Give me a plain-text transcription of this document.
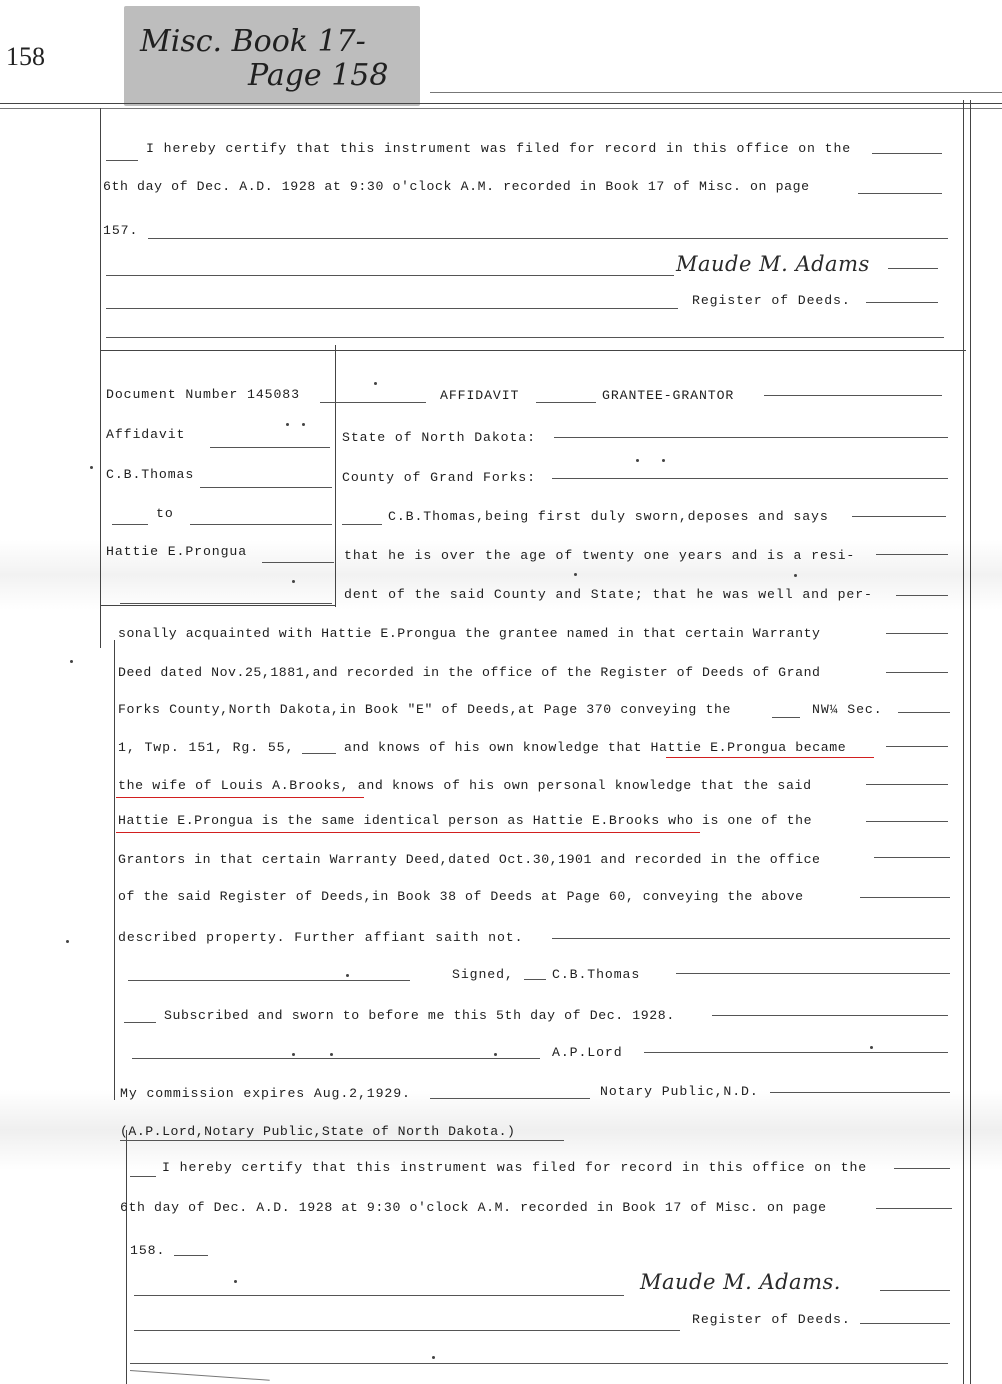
158	Misc. Book 17-
Page 158
I hereby certify that this instrument was filed for record in this office on the
6th day of Dec. A.D. 1928 at 9:30 o'clock A.M. recorded in Book 17 of Misc. on page
157.
Maude M. Adams
Register of Deeds.
Document Number 145083
Affidavit
C.B.Thomas
to
Hattie E.Prongua
AFFIDAVIT	GRANTEE-GRANTOR
State of North Dakota:
County of Grand Forks:
C.B.Thomas,being first duly sworn,deposes and says
that he is over the age of twenty one years and is a resi-
dent of the said County and State; that he was well and per-
sonally acquainted with Hattie E.Prongua the grantee named in that certain Warranty
Deed dated Nov.25,1881,and recorded in the office of the Register of Deeds of Grand
Forks County,North Dakota,in Book "E" of Deeds,at Page 370 conveying the	NW¼ Sec.
1, Twp. 151, Rg. 55,	and knows of his own knowledge that Hattie E.Prongua became
the wife of Louis A.Brooks, and knows of his own personal knowledge that the said
Hattie E.Prongua is the same identical person as Hattie E.Brooks who is one of the
Grantors in that certain Warranty Deed,dated Oct.30,1901 and recorded in the office
of the said Register of Deeds,in Book 38 of Deeds at Page 60, conveying the above
described property. Further affiant saith not.
Signed,	C.B.Thomas
Subscribed and sworn to before me this 5th day of Dec. 1928.
A.P.Lord
My commission expires Aug.2,1929.	Notary Public,N.D.
(A.P.Lord,Notary Public,State of North Dakota.)
I hereby certify that this instrument was filed for record in this office on the
6th day of Dec. A.D. 1928 at 9:30 o'clock A.M. recorded in Book 17 of Misc. on page
158.
Maude M. Adams.
Register of Deeds.
